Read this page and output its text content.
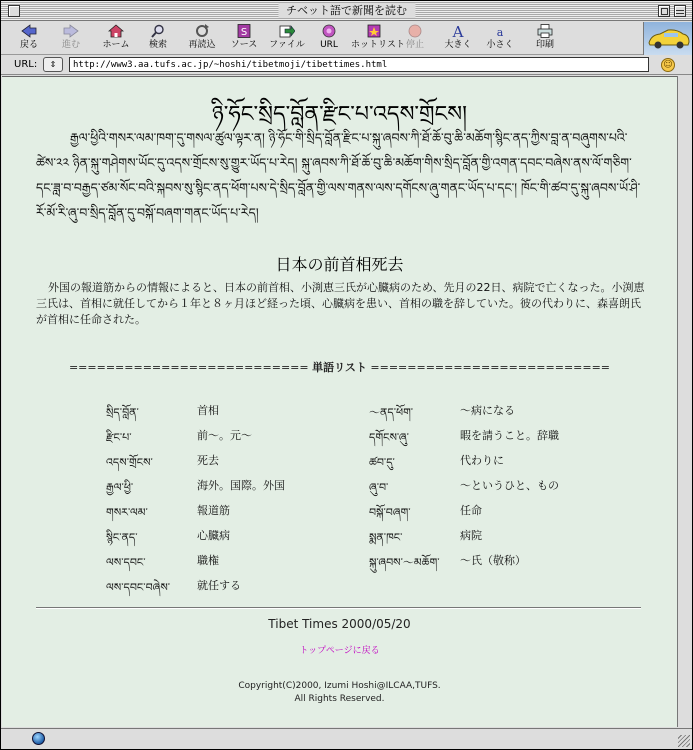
チベット語で新聞を読む
戻る	進む	ホーム	検索	再読込
S
ソース	ファイル	URL	ホットリスト 停止
A
大きく
a
小さく	印刷
URL:	⇕	http://www3.aa.tufs.ac.jp/~hoshi/tibetmoji/tibettimes.html	☺
ཉི་ཧོང་སྲིད་བློན་རྫིང་པ་འདས་གྲོངས།
རྒྱལ་ཕྱིའི་གསར་ལམ་ཁག་དུ་གསལ་ཚུལ་ལྟར་ན། ཉི་ཧོང་གི་སྲིད་བློན་རྫིང་པ་སྐུ་ཞབས་ཀི་ཐོ་ཆོ་བུ་ཆི་མཆོག་སྙིང་ནད་ཀྱིས་བླ་ན་བཞུགས་པའི་ཚེས་༢༢ ཉིན་སྐུ་གཤེགས་ཡོང་དུ་འདས་གྲོངས་སུ་གྱུར་ཡོད་པ་རེད། སྐུ་ཞབས་ཀི་ཐོ་ཆོ་བུ་ཆི་མཆོག་གིས་སྲིད་བློན་གྱི་འགན་དབང་བཞེས་ནས་ལོ་གཅིག་དང་ཟླ་བ་བརྒྱད་ཙམ་སོང་བའི་སྐབས་སུ་སྙིང་ནད་ཕོག་པས་དེ་སྲིད་བློན་གྱི་ལས་གནས་ལས་དགོངས་ཞུ་གནང་ཡོད་པ་དང་། ཁོང་གི་ཚབ་དུ་སྐུ་ཞབས་ཡོ་ཤི་རོ་མོ་རི་ཞུ་བ་སྲིད་བློན་དུ་བསྐོ་བཞག་གནང་ཡོད་པ་རེད།
日本の前首相死去
外国の報道筋からの情報によると、日本の前首相、小渕恵三氏が心臓病のため、先月の22日、病院で亡くなった。小渕恵三氏は、首相に就任してから１年と８ヶ月ほど経った頃、心臓病を患い、首相の職を辞していた。彼の代わりに、森喜朗氏が首相に任命された。
========================== 単語リスト ==========================
སྲིད་བློན་	首相
རྫིང་པ་	前〜。元〜
འདས་གྲོངས་	死去
རྒྱལ་ཕྱི་	海外。国際。外国
གསར་ལམ་	報道筋
སྙིང་ནད་	心臓病
ལས་དབང་	職権
ལས་དབང་བཞེས་ 就任する
〜ནད་ཕོག་	〜病になる
དགོངས་ཞུ་	暇を請うこと。辞職
ཚབ་དུ་	代わりに
ཞུ་བ་	〜というひと、もの
བསྐོ་བཞག་	任命
སྨན་ཁང་	病院
སྐུ་ཞབས་〜མཆོག་ 〜氏（敬称）
Tibet Times 2000/05/20
トップページに戻る
Copyright(C)2000, Izumi Hoshi@ILCAA,TUFS.
All Rights Reserved.
